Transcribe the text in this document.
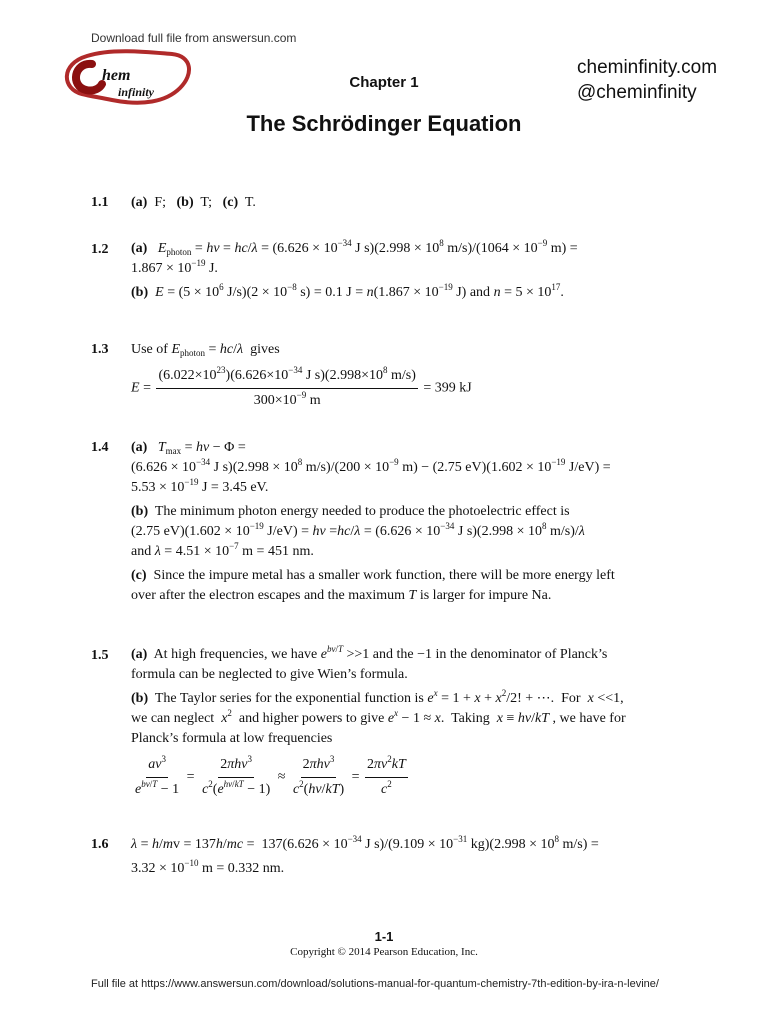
Download full file from answersun.com
hem
infinity
cheminfinity.com
@cheminfinity
Chapter 1
The Schrödinger Equation
1.1 (a)  F;   (b)  T;   (c)  T.
1.2 (a) $E_{photon} = h\nu = hc/\lambda = (6.626 \times 10^{-34}$ J $s)(2.998 \times 10^8$ $m/s)/(1064 \times 10^{-9}$ m) =
$1.867 \times 10^{-19}$ J.
(b) $E = (5 \times 10^6$ $J/s)(2 \times 10^{-8}$ s) = 0.1 $J = n(1.867 \times 10^{-19}$ J) and $n = 5 \times 10^{17}$.
1.3 Use of $E_{photon} = hc/\lambda$  gives
$E = \frac{(6.022\times 10^{23})(6.626\times 10^{-34} J s)(2.998\times 10^8 m/s)}{300\times 10^{-9} m} = 399$ kJ
1.4 (a) $T_{max} = h\nu - \Phi$ =
($6.626 \times 10^{-34}$ J $s)(2.998 \times 10^8$ $m/s)/(200 \times 10^{-9}$ m) − (2.75 $eV)(1.602 \times 10^{-19}$ J/eV) =
$5.53 \times 10^{-19}$ J = 3.45 eV.
(b) The minimum photon energy needed to produce the photoelectric effect is
(2.75 $eV)(1.602 \times 10^{-19}$ $J/eV) = h\nu =hc/\lambda = (6.626 \times 10^{-34}$ J $s)(2.998 \times 10^8$ m/s)/λ
and $\lambda = 4.51 \times 10^{-7}$ m = 451 nm.
(c) Since the impure metal has a smaller work function, there will be more energy left
over after the electron escapes and the maximum T is larger for impure Na.
1.5 (a) At high frequencies, we have $e^{b\nu/T} >>1$ and the −1 in the denominator of Planck’s
formula can be neglected to give Wien’s formula.
(b) The Taylor series for the exponential function is $e^x = 1 + x + x^2/2$! + ⋯.  For  x <<1,
we can neglect $x^2$ and higher powers to give $e^x - 1 \approx x$.  Taking  x ≡ hν/kT , we have for
Planck’s formula at low frequencies
$\frac{a\nu^3}{e^{b\nu/T} - 1} = \frac{2\pi h\nu^3}{c^2(e^{h\nu/kT} - 1)} \approx \frac{2\pi h\nu^3}{c^2(h\nu/kT)} = \frac{2\pi\nu^2kT}{c^2}$
1.6 $\lambda = h/mv = 137h/mc = 137(6.626 \times 10^{-34}$ J $s)/(9.109 \times 10^{-31}$ $kg)(2.998 \times 10^8$ m/s) =
$3.32 \times 10^{-10}$ m = 0.332 nm.
1-1
Copyright © 2014 Pearson Education, Inc.
Full file at https://www.answersun.com/download/solutions-manual-for-quantum-chemistry-7th-edition-by-ira-n-levine/
